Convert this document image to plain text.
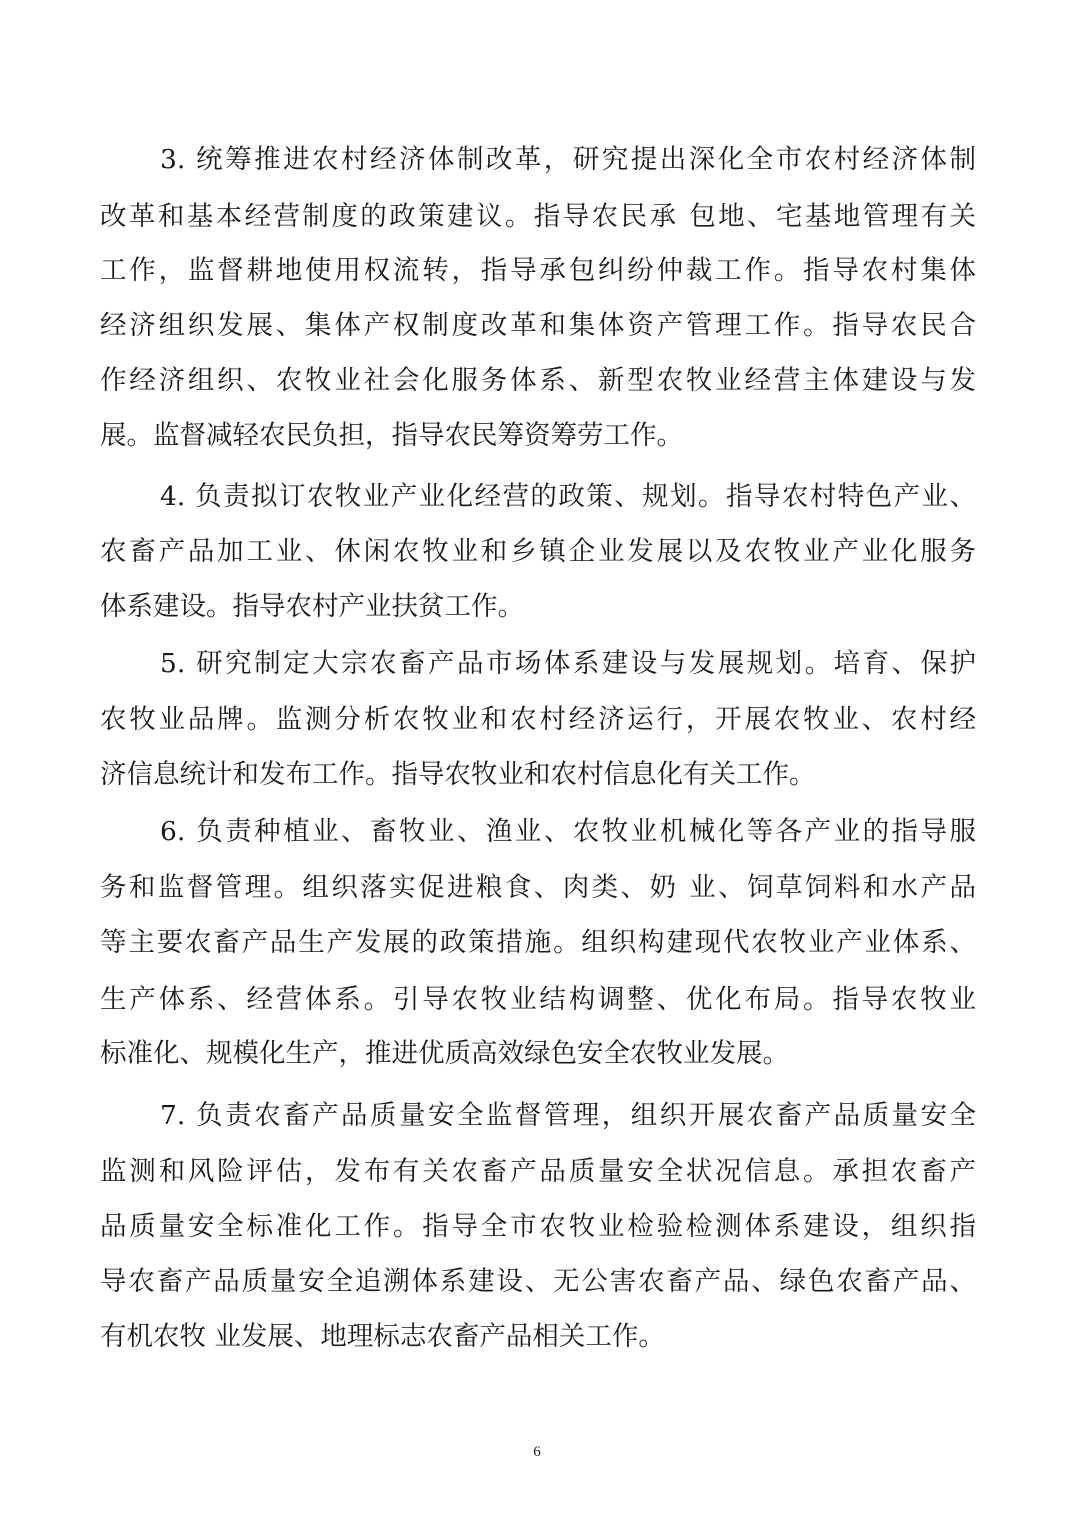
3. 统筹推进农村经济体制改革，研究提出深化全市农村经济体制
改革和基本经营制度的政策建议。指导农民承 包地、宅基地管理有关
工作，监督耕地使用权流转，指导承包纠纷仲裁工作。指导农村集体
经济组织发展、集体产权制度改革和集体资产管理工作。指导农民合
作经济组织、农牧业社会化服务体系、新型农牧业经营主体建设与发
展。监督减轻农民负担，指导农民筹资筹劳工作。
4. 负责拟订农牧业产业化经营的政策、规划。指导农村特色产业、
农畜产品加工业、休闲农牧业和乡镇企业发展以及农牧业产业化服务
体系建设。指导农村产业扶贫工作。
5. 研究制定大宗农畜产品市场体系建设与发展规划。培育、保护
农牧业品牌。监测分析农牧业和农村经济运行，开展农牧业、农村经
济信息统计和发布工作。指导农牧业和农村信息化有关工作。
6. 负责种植业、畜牧业、渔业、农牧业机械化等各产业的指导服
务和监督管理。组织落实促进粮食、肉类、奶 业、饲草饲料和水产品
等主要农畜产品生产发展的政策措施。组织构建现代农牧业产业体系、
生产体系、经营体系。引导农牧业结构调整、优化布局。指导农牧业
标准化、规模化生产，推进优质高效绿色安全农牧业发展。
7. 负责农畜产品质量安全监督管理，组织开展农畜产品质量安全
监测和风险评估，发布有关农畜产品质量安全状况信息。承担农畜产
品质量安全标准化工作。指导全市农牧业检验检测体系建设，组织指
导农畜产品质量安全追溯体系建设、无公害农畜产品、绿色农畜产品、
有机农牧 业发展、地理标志农畜产品相关工作。
6
